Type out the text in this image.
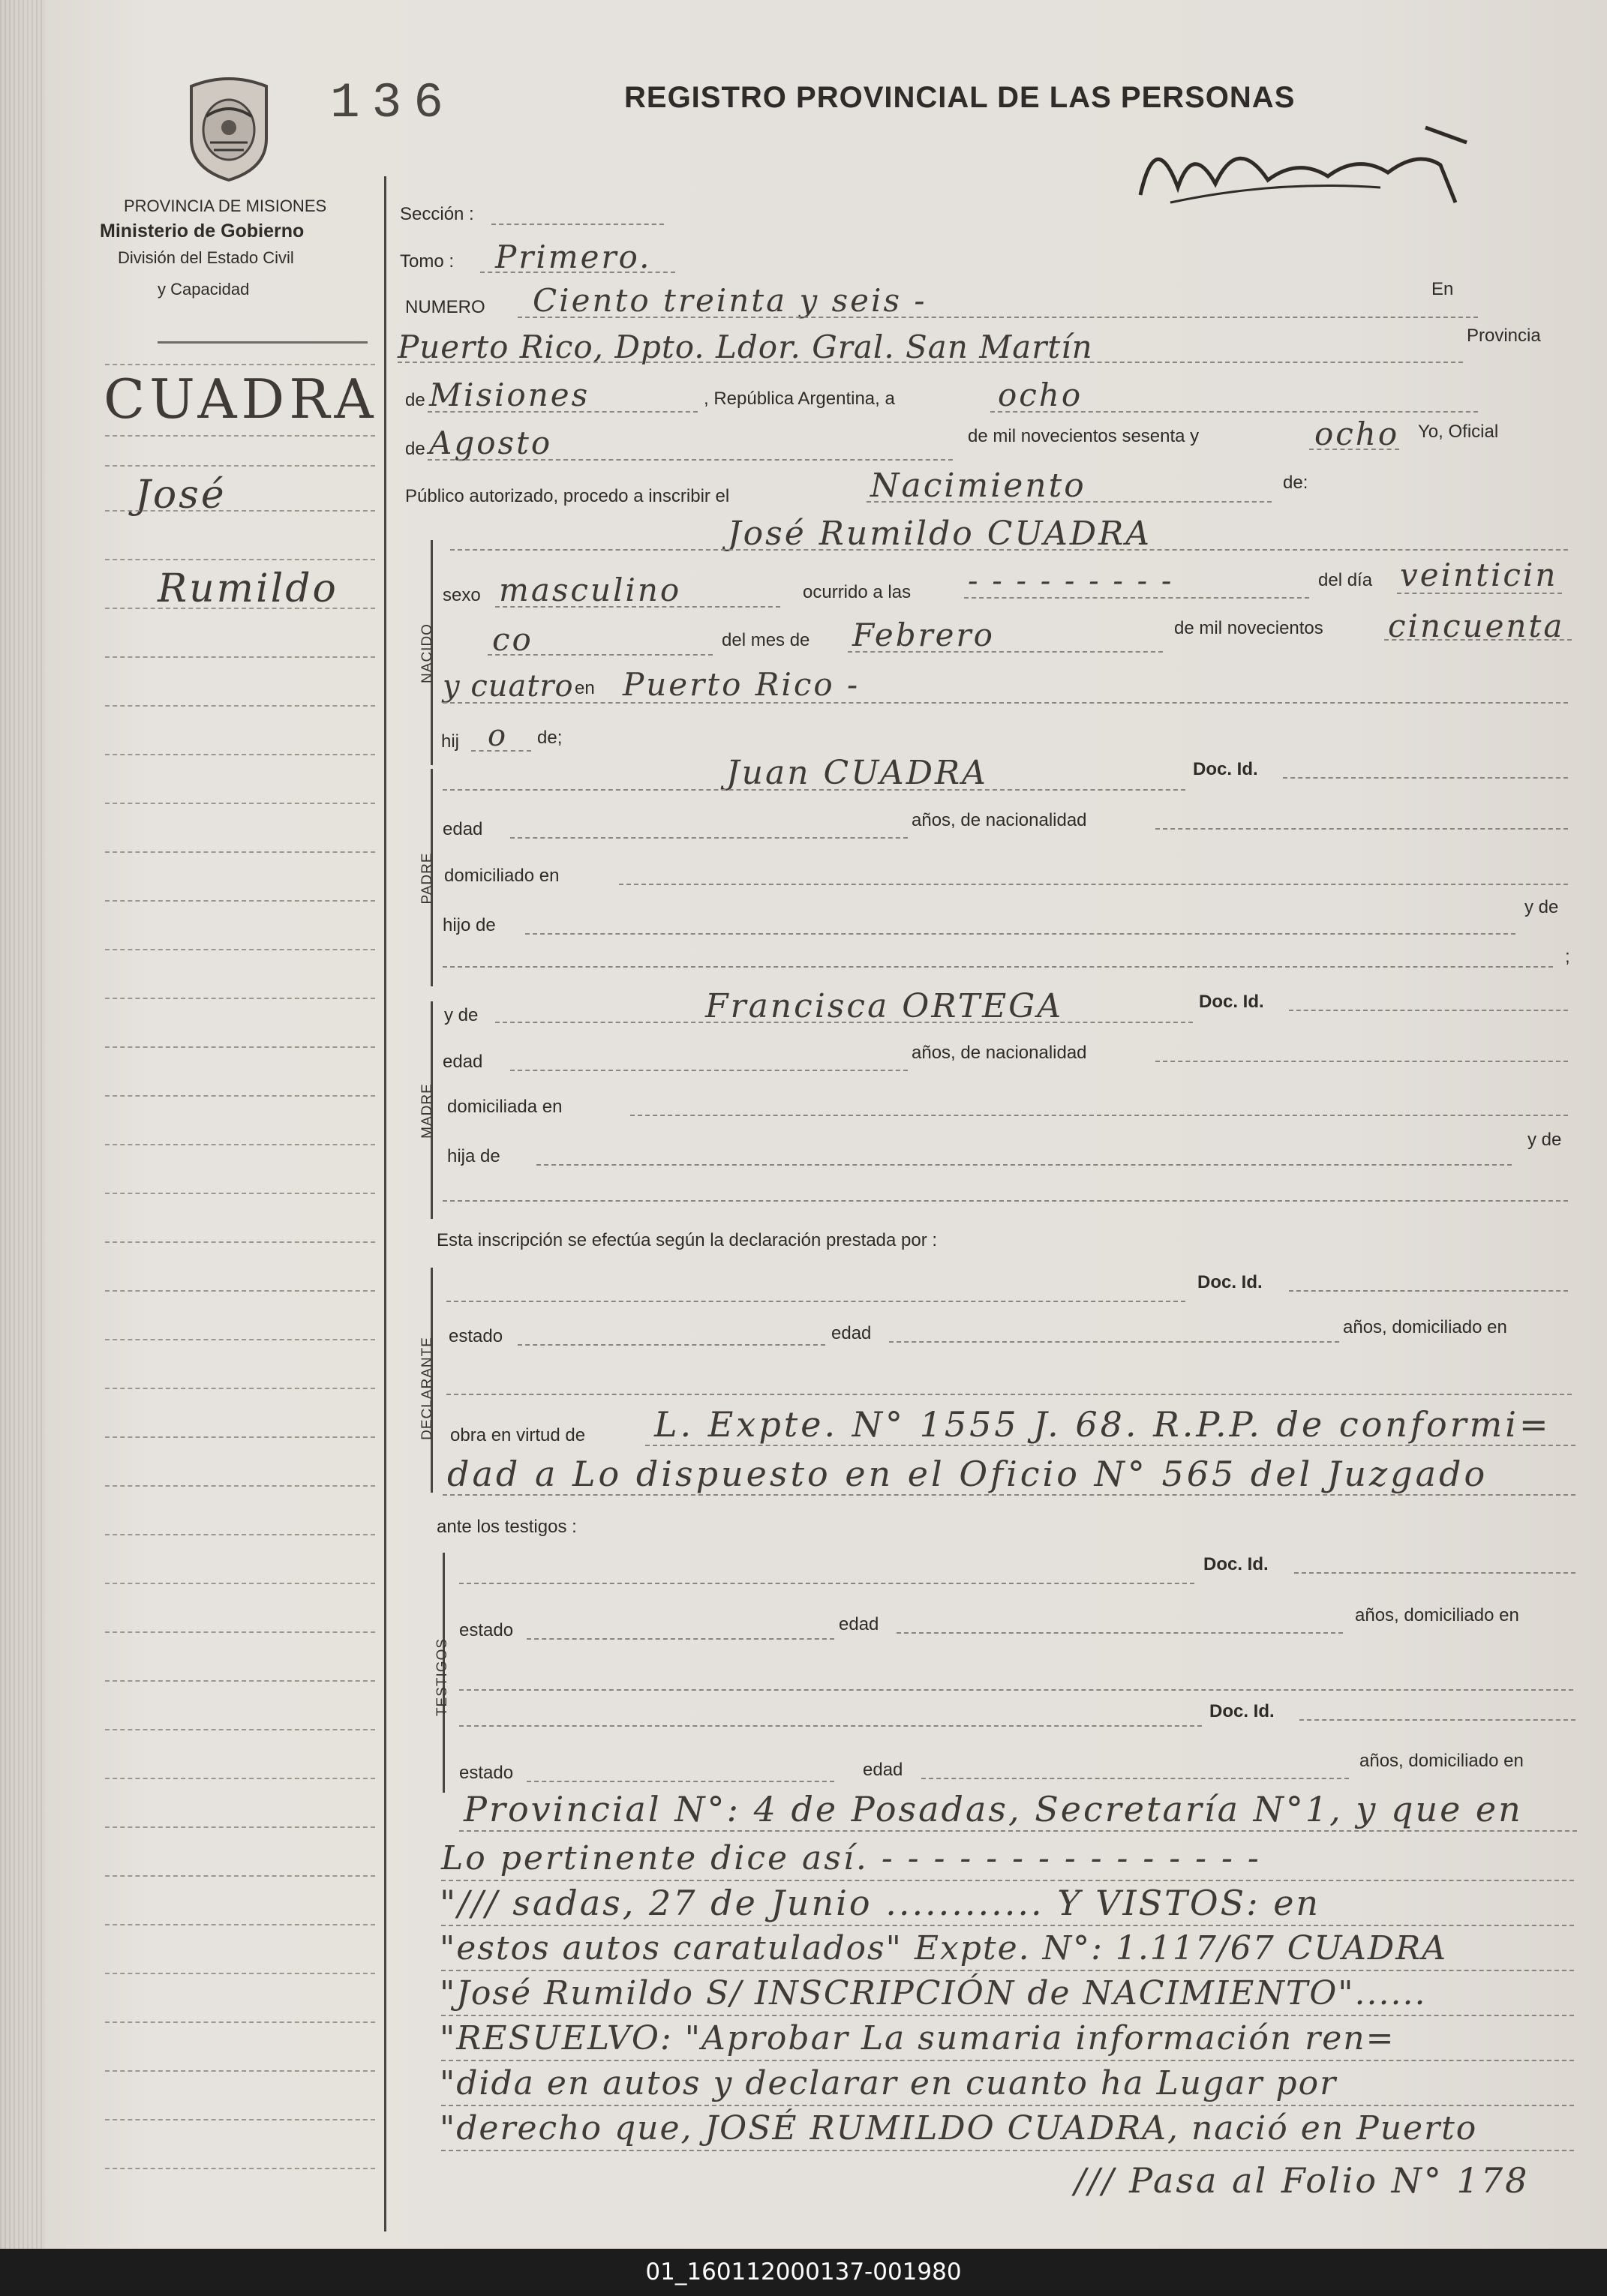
136	REGISTRO PROVINCIAL DE LAS PERSONAS
PROVINCIA DE MISIONES
Ministerio de Gobierno
División del Estado Civil
y Capacidad
CUADRA
José
Rumildo
Sección :
Tomo : Primero.
NUMERO Ciento treinta y seis -	En
Puerto Rico, Dpto. Ldor. Gral. San Martín	Provincia
de Misiones	, República Argentina, a	ocho
de Agosto	de mil novecientos sesenta y	ocho Yo, Oficial
Público autorizado, procedo a inscribir el	Nacimiento	de:
José Rumildo CUADRA
NACIDO
sexo masculino	ocurrido a las - - - - - - - - -	del día veinticin
co	del mes de Febrero	de mil novecientos cincuenta
y cuatro en Puerto Rico -
hij o de;
PADRE
Juan CUADRA	Doc. Id.
edad	años, de nacionalidad
domiciliado en
hijo de
y de
;
MADRE
y de	Francisca ORTEGA	Doc. Id.
edad	años, de nacionalidad
domiciliada en
hija de
y de
Esta inscripción se efectúa según la declaración prestada por :
DECLARANTE
Doc. Id.
estado	edad	años, domiciliado en
obra en virtud de L. Expte. N° 1555 J. 68. R.P.P. de conformi=
dad a Lo dispuesto en el Oficio N° 565 del Juzgado
ante los testigos :
TESTIGOS
Doc. Id.
estado	edad	años, domiciliado en
Doc. Id.
estado	edad	años, domiciliado en
Provincial N°: 4 de Posadas, Secretaría N°1, y que en
Lo pertinente dice así. - - - - - - - - - - - - - - -
"/// sadas, 27 de Junio ............ Y VISTOS: en
"estos autos caratulados" Expte. N°: 1.117/67 CUADRA
"José Rumildo S/ INSCRIPCIÓN de NACIMIENTO"......
"RESUELVO: "Aprobar La sumaria información ren=
"dida en autos y declarar en cuanto ha Lugar por
"derecho que, JOSÉ RUMILDO CUADRA, nació en Puerto
/// Pasa al Folio N° 178
01_160112000137-001980
